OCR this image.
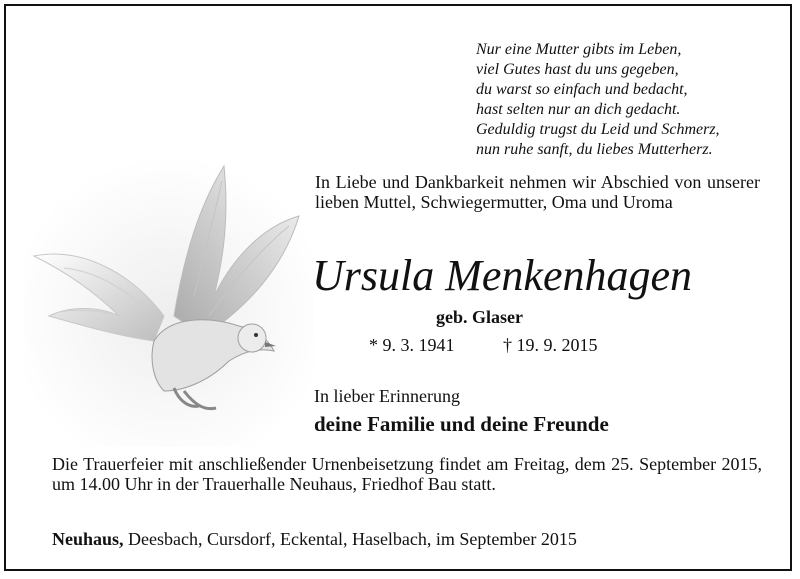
Nur eine Mutter gibts im Leben,
viel Gutes hast du uns gegeben,
du warst so einfach und bedacht,
hast selten nur an dich gedacht.
Geduldig trugst du Leid und Schmerz,
nun ruhe sanft, du liebes Mutterherz.
In Liebe und Dankbarkeit nehmen wir Abschied von unserer lieben Muttel, Schwiegermutter, Oma und Uroma
Ursula Menkenhagen
geb. Glaser
* 9. 3. 1941	† 19. 9. 2015
In lieber Erinnerung
deine Familie und deine Freunde
Die Trauerfeier mit anschließender Urnenbeisetzung findet am Freitag, dem 25. September 2015, um 14.00 Uhr in der Trauerhalle Neuhaus, Friedhof Bau statt.
Neuhaus, Deesbach, Cursdorf, Eckental, Haselbach, im September 2015
